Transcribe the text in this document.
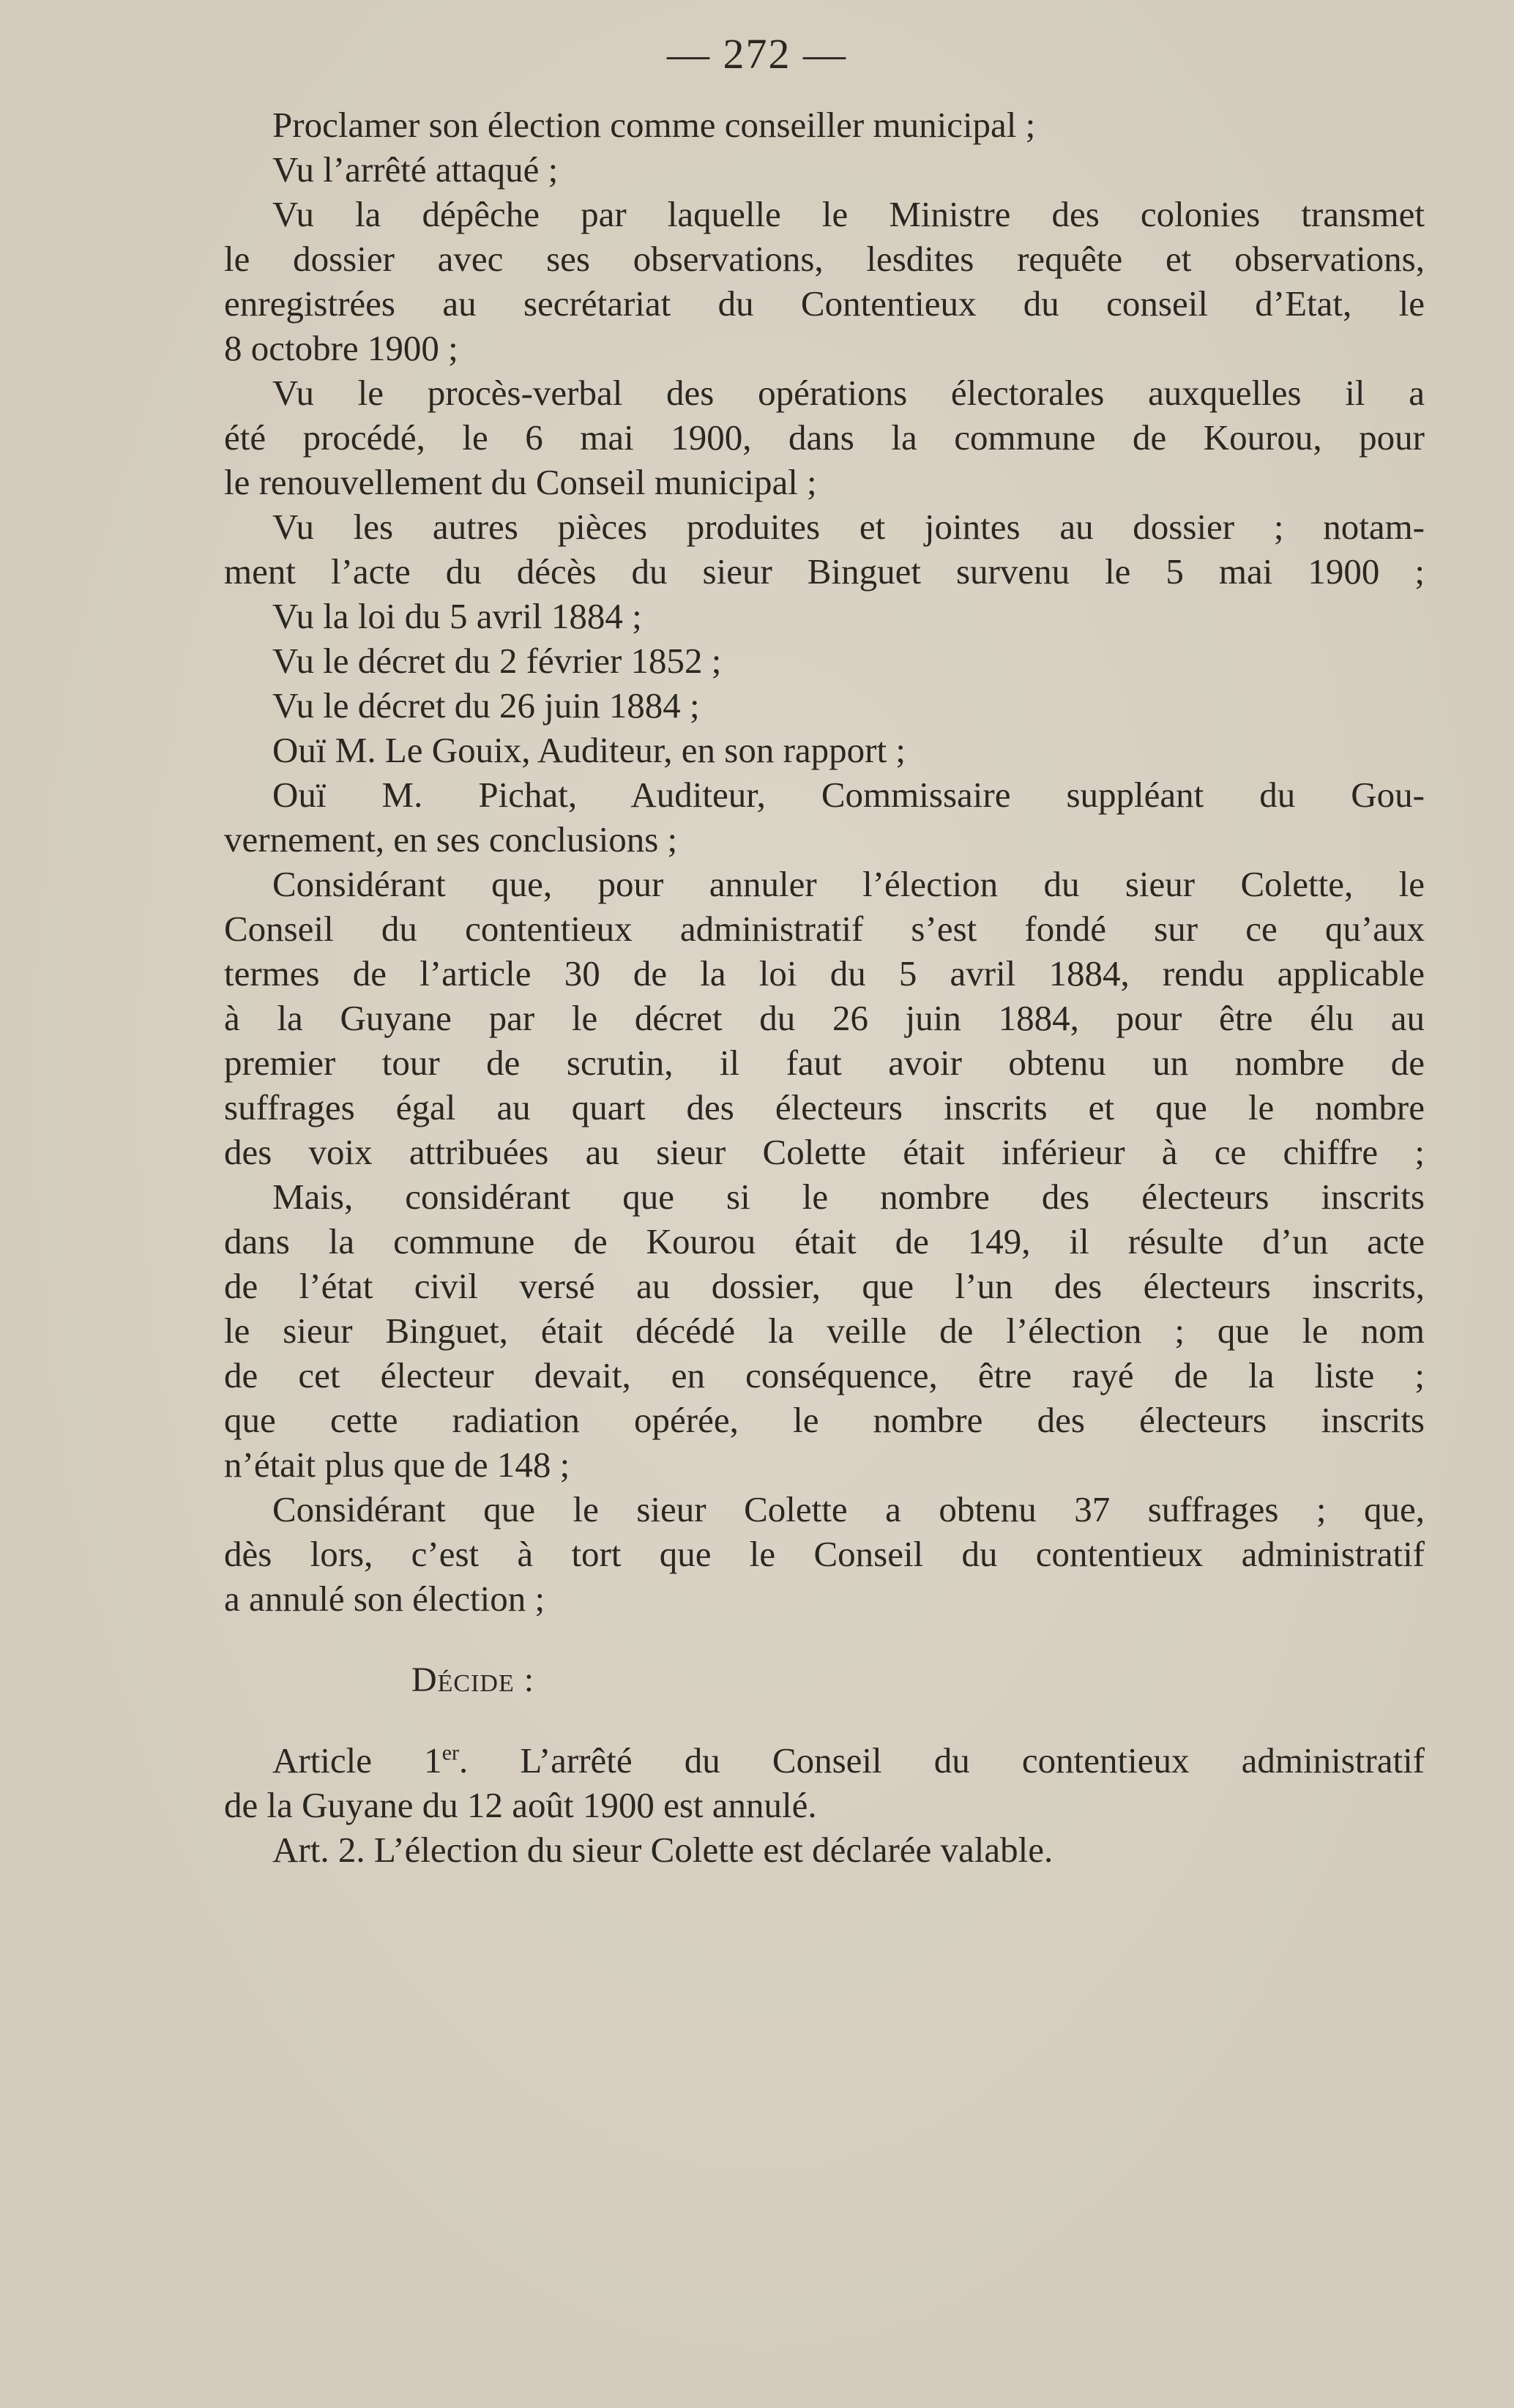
— 272 —
Proclamer son élection comme conseiller municipal ;
Vu l’arrêté attaqué ;
Vu la dépêche par laquelle le Ministre des colonies transmet
le dossier avec ses observations, lesdites requête et observations,
enregistrées au secrétariat du Contentieux du conseil d’Etat, le
8 octobre 1900 ;
Vu le procès-verbal des opérations électorales auxquelles il a
été procédé, le 6 mai 1900, dans la commune de Kourou, pour
le renouvellement du Conseil municipal ;
Vu les autres pièces produites et jointes au dossier ; notam-
ment l’acte du décès du sieur Binguet survenu le 5 mai 1900 ;
Vu la loi du 5 avril 1884 ;
Vu le décret du 2 février 1852 ;
Vu le décret du 26 juin 1884 ;
Ouï M. Le Gouix, Auditeur, en son rapport ;
Ouï M. Pichat, Auditeur, Commissaire suppléant du Gou-
vernement, en ses conclusions ;
Considérant que, pour annuler l’élection du sieur Colette, le
Conseil du contentieux administratif s’est fondé sur ce qu’aux
termes de l’article 30 de la loi du 5 avril 1884, rendu applicable
à la Guyane par le décret du 26 juin 1884, pour être élu au
premier tour de scrutin, il faut avoir obtenu un nombre de
suffrages égal au quart des électeurs inscrits et que le nombre
des voix attribuées au sieur Colette était inférieur à ce chiffre ;
Mais, considérant que si le nombre des électeurs inscrits
dans la commune de Kourou était de 149, il résulte d’un acte
de l’état civil versé au dossier, que l’un des électeurs inscrits,
le sieur Binguet, était décédé la veille de l’élection ; que le nom
de cet électeur devait, en conséquence, être rayé de la liste ;
que cette radiation opérée, le nombre des électeurs inscrits
n’était plus que de 148 ;
Considérant que le sieur Colette a obtenu 37 suffrages ; que,
dès lors, c’est à tort que le Conseil du contentieux administratif
a annulé son élection ;
Décide :
Article 1er. L’arrêté du Conseil du contentieux administratif
de la Guyane du 12 août 1900 est annulé.
Art. 2. L’élection du sieur Colette est déclarée valable.
